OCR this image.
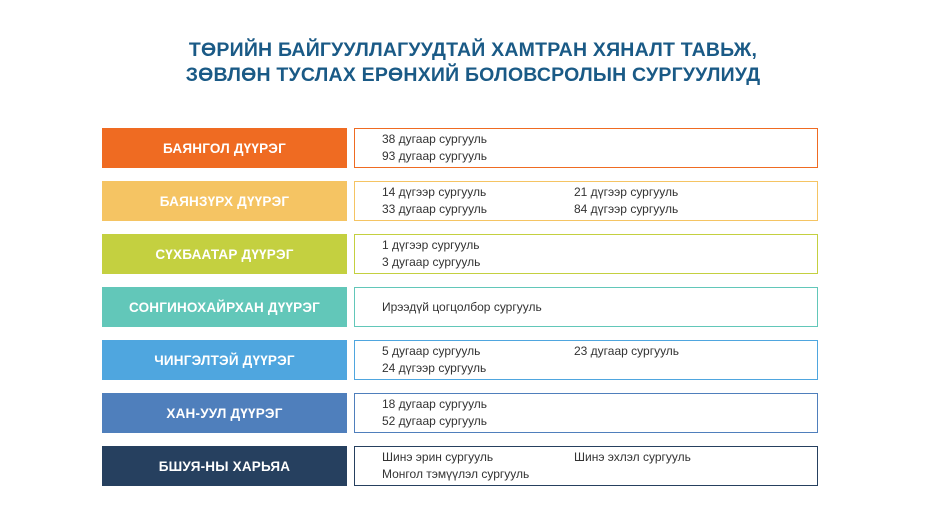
ТӨРИЙН БАЙГУУЛЛАГУУДТАЙ ХАМТРАН ХЯНАЛТ ТАВЬЖ,
ЗӨВЛӨН ТУСЛАХ ЕРӨНХИЙ БОЛОВСРОЛЫН СУРГУУЛИУД
БАЯНГОЛ ДҮҮРЭГ
38 дугаар сургууль
93 дугаар сургууль
БАЯНЗҮРХ ДҮҮРЭГ
14 дүгээр сургууль
33 дугаар сургууль
21 дүгээр сургууль
84 дүгээр сургууль
СҮХБААТАР ДҮҮРЭГ
1 дүгээр сургууль
3 дугаар сургууль
СОНГИНОХАЙРХАН ДҮҮРЭГ	Ирээдүй цогцолбор сургууль
ЧИНГЭЛТЭЙ ДҮҮРЭГ
5 дугаар сургууль
24 дүгээр сургууль
23 дугаар сургууль
ХАН-УУЛ ДҮҮРЭГ
18 дугаар сургууль
52 дугаар сургууль
БШУЯ-НЫ ХАРЬЯА
Шинэ эрин сургууль
Монгол тэмүүлэл сургууль
Шинэ эхлэл сургууль
